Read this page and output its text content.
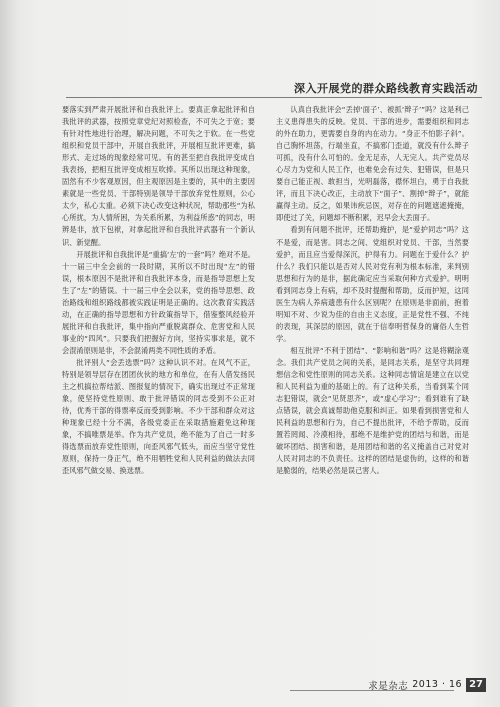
深入开展党的群众路线教育实践活动

要落实到严肃开展批评和自我批评上。要真正拿起批评和自我批评的武器，按照党章党纪对照检查，不可失之于宽；要有针对性地进行治理，解决问题，不可失之于软。在一些党组织和党员干部中，开展自我批评，开展相互批评更难，搞形式、走过场的现象经常可见。有的甚至把自我批评变成自我表扬，把相互批评变成相互吹捧。其所以出现这种现象，固然有不少客观原因，但主观原因是主要的，其中的主要因素就是一些党员、干部特别是领导干部放弃党性原则，公心太少，私心太重。必须下决心改变这种状况，帮助那些“为私心所扰，为人情所困，为关系所累，为利益所惑”的同志，明辨是非，放下包袱，对拿起批评和自我批评武器有一个新认识、新觉醒。

开展批评和自我批评是“重搞‘左’的一套”吗？绝对不是。十一届三中全会前的一段时期，其所以不时出现“左”的错误，根本原因不是批评和自我批评本身，而是指导思想上发生了“左”的错误。十一届三中全会以来，党的指导思想、政治路线和组织路线都被实践证明是正确的。这次教育实践活动，在正确的指导思想和方针政策指导下，借鉴整风经验开展批评和自我批评，集中指向严重脱离群众、危害党和人民事业的“四风”。只要我们把握好方向，坚持实事求是，就不会混淆原则是非，不会混淆两类不同性质的矛盾。

批评别人“会丢选票”吗？这种认识不对。在风气不正，特别是领导层存在团团伙伙的地方和单位，在有人借发扬民主之机搞拉帮结派、图报复的情况下，确实出现过不正常现象，使坚持党性原则、敢于批评错误的同志受到不公正对待，优秀干部的得票率反而受到影响。不少干部和群众对这种现象已经十分不满，各级党委正在采取措施避免这种现象，不搞唯票是举。作为共产党员，绝不能为了自己一时多得选票而放弃党性原则，向歪风邪气低头，而应当坚守党性原则，保持一身正气，绝不用牺牲党和人民利益的做法去同歪风邪气做交易、换选票。

认真自我批评会“丢掉‘面子’、被抓‘辫子’”吗？这是利己主义患得患失的反映。党员、干部的进步，需要组织和同志的外在助力，更需要自身的内在动力。“身正不怕影子斜”。自己胸怀坦荡，行端坐直，不搞邪门歪道，就没有什么辫子可抓，没有什么可怕的。金无足赤，人无完人。共产党员尽心尽力为党和人民工作，也难免会有过失、犯错误，但是只要自己能正视、敢担当，光明磊落，襟怀坦白，勇于自我批评，而且下决心改正，主动放下“面子”、割掉“辫子”，就能赢得主动。反之，如果讳疾忌医，对存在的问题遮遮掩掩，即使过了关，问题却不断积累，迟早会大丢面子。

看到有问题不批评，还帮助掩护，是“爱护同志”吗？这不是爱，而是害。同志之间、党组织对党员、干部，当然要爱护，而且应当爱得深沉，护得有力。问题在于爱什么？护什么？我们只能以是否对人民对党有利为根本标准，来判别思想和行为的是非，据此确定应当采取何种方式爱护。明明看到同志身上有病，却不及时提醒和帮助，反而护短，这同医生为病人养病遗患有什么区别呢？在原则是非面前，抱着明知不对、少说为佳的自由主义态度，正是党性不强、不纯的表现，其深层的原因，就在于信奉明哲保身的庸俗人生哲学。

相互批评“不利于团结”、“影响和谐”吗？这是将糊涂观念。我们共产党员之间的关系，是同志关系，是坚守共同理想信念和党性原则的同志关系。这种同志情谊是建立在以党和人民利益为重的基础上的。有了这种关系，当看到某个同志犯错误，就会“见贤思齐”，或“虚心学习”；看到谁有了缺点错误，就会真诚帮助他克服和纠正。如果看到损害党和人民利益的思想和行为，自己不提出批评，不给予帮助，反而置若罔闻、冷漠相待，那绝不是维护党的团结与和谐，而是破坏团结、损害和谐，是用团结和谐的名义掩盖自己对党对人民对同志的不负责任。这样的团结是虚伪的，这样的和谐是脆弱的，结果必然是误己害人。

求是杂志 2013 · 16 27
